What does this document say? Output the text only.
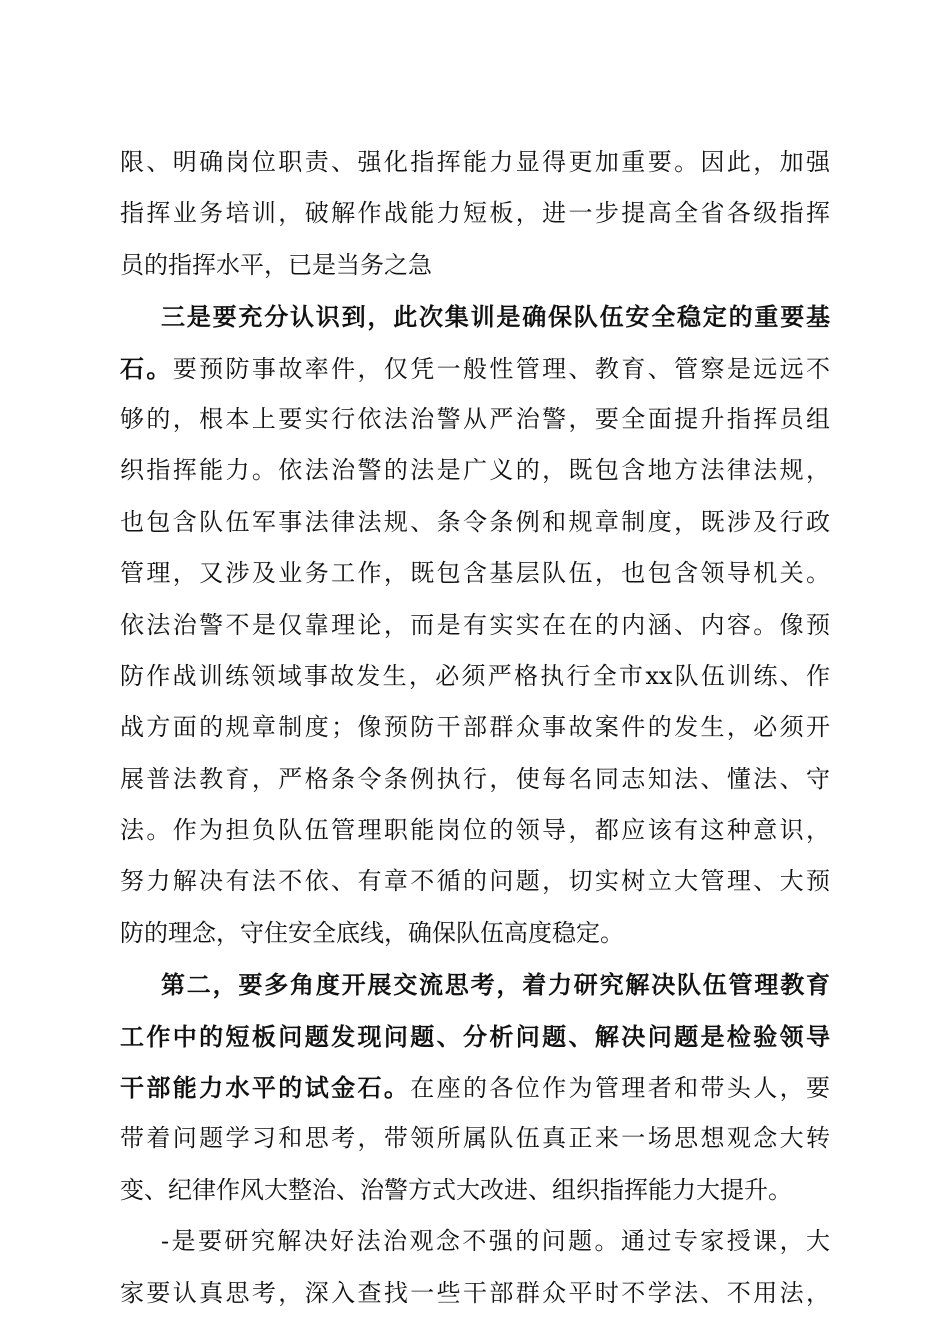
限、明确岗位职责、强化指挥能力显得更加重要。因此，加强
指挥业务培训，破解作战能力短板，进一步提高全省各级指挥
员的指挥水平，已是当务之急
三是要充分认识到，此次集训是确保队伍安全稳定的重要基
石。要预防事故率件，仅凭一般性管理、教育、管察是远远不
够的，根本上要实行依法治警从严治警，要全面提升指挥员组
织指挥能力。依法治警的法是广义的，既包含地方法律法规，
也包含队伍军事法律法规、条令条例和规章制度，既涉及行政
管理，又涉及业务工作，既包含基层队伍，也包含领导机关。
依法治警不是仅靠理论，而是有实实在在的内涵、内容。像预
防作战训练领域事故发生，必须严格执行全市xx队伍训练、作
战方面的规章制度；像预防干部群众事故案件的发生，必须开
展普法教育，严格条令条例执行，使每名同志知法、懂法、守
法。作为担负队伍管理职能岗位的领导，都应该有这种意识，
努力解决有法不依、有章不循的问题，切实树立大管理、大预
防的理念，守住安全底线，确保队伍高度稳定。
第二，要多角度开展交流思考，着力研究解决队伍管理教育
工作中的短板问题发现问题、分析问题、解决问题是检验领导
干部能力水平的试金石。在座的各位作为管理者和带头人，要
带着问题学习和思考，带领所属队伍真正来一场思想观念大转
变、纪律作风大整治、治警方式大改进、组织指挥能力大提升。
-是要研究解决好法治观念不强的问题。通过专家授课，大
家要认真思考，深入查找一些干部群众平时不学法、不用法，
